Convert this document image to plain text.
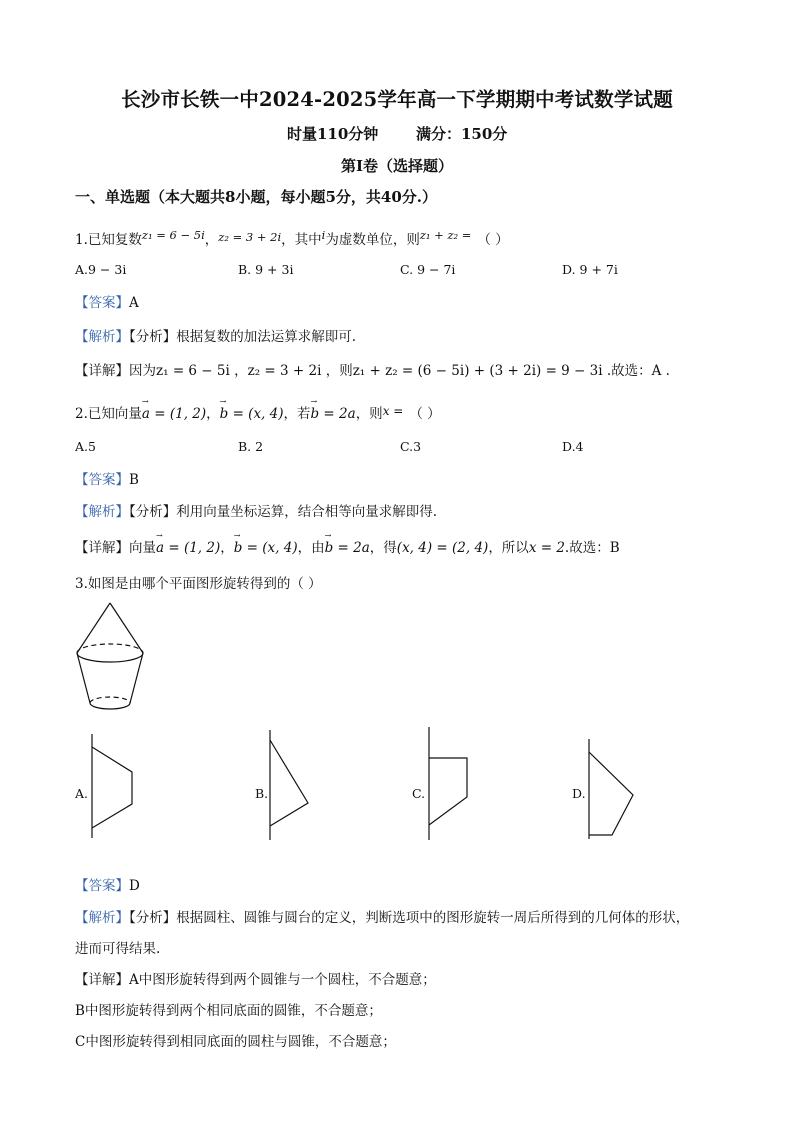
长沙市长铁一中2024-2025学年高一下学期期中考试数学试题
时量110分钟	满分：150分
第I卷（选择题）
一、单选题（本大题共8小题，每小题5分，共40分.）
1.已知复数z₁ = 6 − 5i，z₂ = 3 + 2i，其中i为虚数单位，则z₁ + z₂ = （ ）
A.9 − 3i	B. 9 + 3i	C. 9 − 7i	D. 9 + 7i
【答案】A
【解析】【分析】根据复数的加法运算求解即可.
【详解】因为z₁ = 6 − 5i ，z₂ = 3 + 2i ，则z₁ + z₂ = (6 − 5i) + (3 + 2i) = 9 − 3i .故选：A .
2.已知向量→ a = (1, 2)，→ b = (x, 4)，若→ b = 2a，则x = （ ）
A.5	B. 2	C.3	D.4
【答案】B
【解析】【分析】利用向量坐标运算，结合相等向量求解即得.
【详解】向量→ a = (1, 2)，→ b = (x, 4)，由→ b = 2a，得(x, 4) = (2, 4)，所以x = 2.故选：B
3.如图是由哪个平面图形旋转得到的（ ）
A.	B.	C.	D.
【答案】D
【解析】【分析】根据圆柱、圆锥与圆台的定义，判断选项中的图形旋转一周后所得到的几何体的形状，
进而可得结果.
【详解】A中图形旋转得到两个圆锥与一个圆柱，不合题意；
B中图形旋转得到两个相同底面的圆锥，不合题意；
C中图形旋转得到相同底面的圆柱与圆锥，不合题意；
